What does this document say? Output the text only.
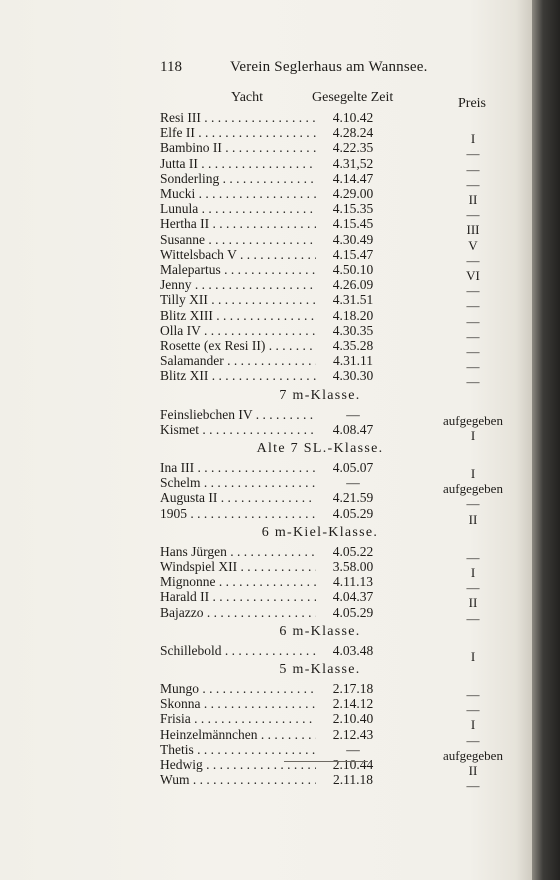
118	Verein Seglerhaus am Wannsee.
Yacht	Gesegelte Zeit	Preis
Resi III . . .	4.10.42
Elfe II . . .	4.28.24	I
Bambino II . . .	4.22.35	—
Jutta II . . .	4.31,52	—
Sonderling . . .	4.14.47	—
Mucki . . .	4.29.00	II
Lunula . . .	4.15.35	—
Hertha II . . .	4.15.45	III
Susanne . . .	4.30.49	V
Wittelsbach V . . .	4.15.47	—
Malepartus . . .	4.50.10	VI
Jenny . . .	4.26.09	—
Tilly XII . . .	4.31.51	—
Blitz XIII . . .	4.18.20	—
Olla IV . . .	4.30.35	—
Rosette (ex Resi II) . . .	4.35.28	—
Salamander . . .	4.31.11	—
Blitz XII . . .	4.30.30	—
7 m-Klasse.
Feinsliebchen IV . . .	—	aufgegeben
Kismet . . .	4.08.47	I
Alte 7 SL.-Klasse.
Ina III . . .	4.05.07	I
Schelm . . .	—	aufgegeben
Augusta II . . .	4.21.59	—
1905 . . .	4.05.29	II
6 m-Kiel-Klasse.
Hans Jürgen . . .	4.05.22	—
Windspiel XII . . .	3.58.00	I
Mignonne . . .	4.11.13	—
Harald II . . .	4.04.37	II
Bajazzo . . .	4.05.29	—
6 m-Klasse.
Schillebold . . .	4.03.48	I
5 m-Klasse.
Mungo . . .	2.17.18	—
Skonna . . .	2.14.12	—
Frisia . . .	2.10.40	I
Heinzelmännchen . . .	2.12.43	—
Thetis . . .	—	aufgegeben
Hedwig . . .	2.10.44	II
Wum . . .	2.11.18	—
